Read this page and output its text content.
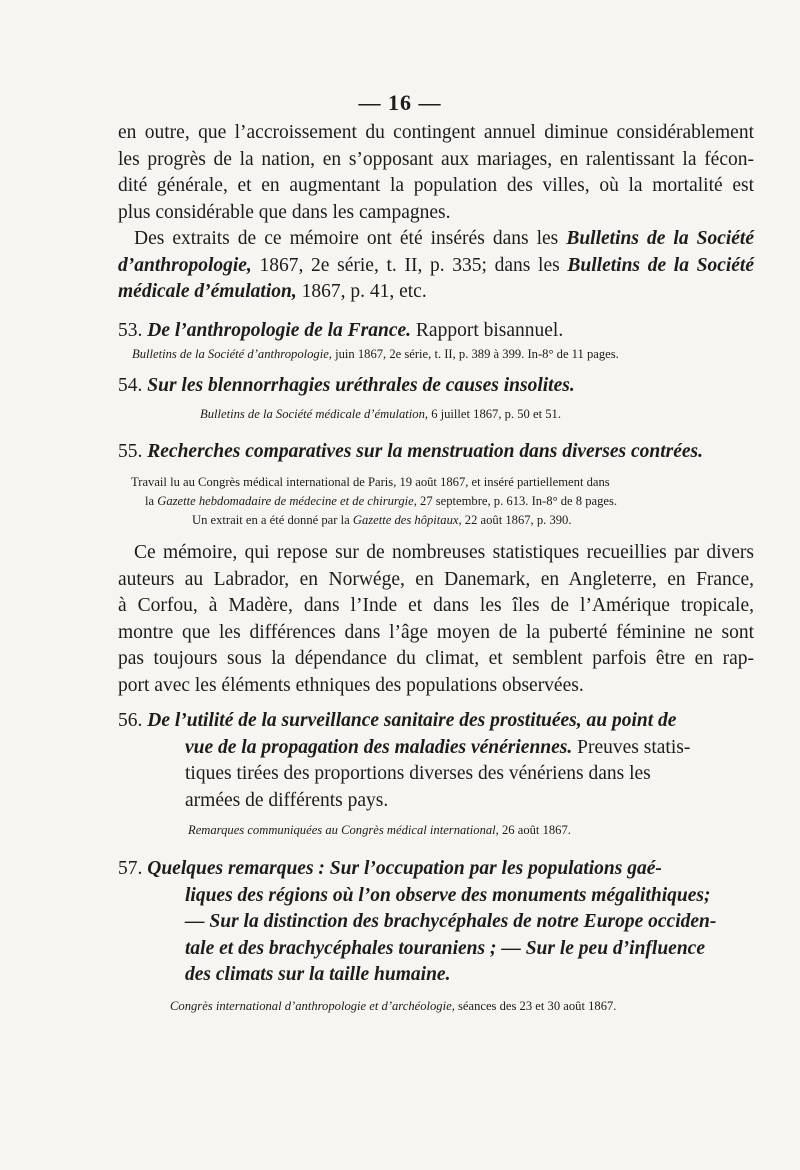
— 16 —
en outre, que l’accroissement du contingent annuel diminue considérablement
les progrès de la nation, en s’opposant aux mariages, en ralentissant la fécon-
dité générale, et en augmentant la population des villes, où la mortalité est
plus considérable que dans les campagnes.
Des extraits de ce mémoire ont été insérés dans les Bulletins de la Société
d’anthropologie, 1867, 2e série, t. II, p. 335; dans les Bulletins de la Société
médicale d’émulation, 1867, p. 41, etc.
53. De l’anthropologie de la France. Rapport bisannuel.
Bulletins de la Société d’anthropologie, juin 1867, 2e série, t. II, p. 389 à 399. In-8° de 11 pages.
54. Sur les blennorrhagies uréthrales de causes insolites.
Bulletins de la Société médicale d’émulation, 6 juillet 1867, p. 50 et 51.
55. Recherches comparatives sur la menstruation dans diverses contrées.
Travail lu au Congrès médical international de Paris, 19 août 1867, et inséré partiellement dans
la Gazette hebdomadaire de médecine et de chirurgie, 27 septembre, p. 613. In-8° de 8 pages.
Un extrait en a été donné par la Gazette des hôpitaux, 22 août 1867, p. 390.
Ce mémoire, qui repose sur de nombreuses statistiques recueillies par divers
auteurs au Labrador, en Norwége, en Danemark, en Angleterre, en France,
à Corfou, à Madère, dans l’Inde et dans les îles de l’Amérique tropicale,
montre que les différences dans l’âge moyen de la puberté féminine ne sont
pas toujours sous la dépendance du climat, et semblent parfois être en rap-
port avec les éléments ethniques des populations observées.
56. De l’utilité de la surveillance sanitaire des prostituées, au point de
vue de la propagation des maladies vénériennes. Preuves statis-
tiques tirées des proportions diverses des vénériens dans les
armées de différents pays.
Remarques communiquées au Congrès médical international, 26 août 1867.
57. Quelques remarques : Sur l’occupation par les populations gaé-
liques des régions où l’on observe des monuments mégalithiques;
— Sur la distinction des brachycéphales de notre Europe occiden-
tale et des brachycéphales touraniens ; — Sur le peu d’influence
des climats sur la taille humaine.
Congrès international d’anthropologie et d’archéologie, séances des 23 et 30 août 1867.
